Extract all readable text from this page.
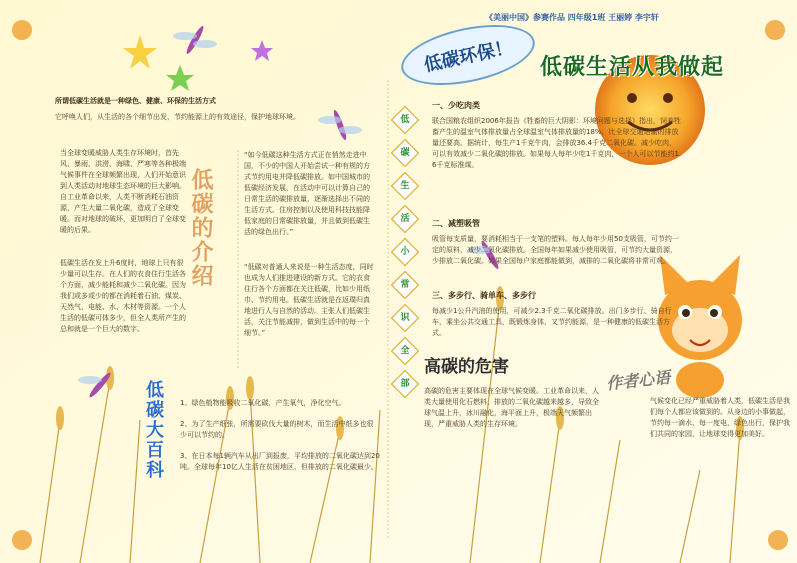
《美丽中国》参赛作品 四年级1班 王丽婷 李宇轩
低碳环保！ 低碳生活从我做起
所谓低碳生活就是一种绿色、健康、环保的生活方式
它呼唤人们，从生活的各个细节出发，节约能源上的有效途径，保护地球环境。
当全球变暖威胁人类生存环境时，首先风、暴雨、洪涝、海啸、严寒等各种极端气候事件在全球频繁出现，人们开始意识到人类活动对地球生态环境的巨大影响。自工业革命以来，人类不断消耗石油资源，产生大量二氧化碳，造成了全球变暖。而对地球的破坏，更加明白了全球变暖的后果。
低碳生活在发上升6度时，地球上只有很少量可以生存。在人们的衣食住行生活各个方面，减少能耗和减少二氧化碳。因为我们或多或少的都在消耗着石油、煤炭、天然气、电能、水、木材等资源。一个人生活的低碳可体多少，但全人类所产生的总和就是一个巨大的数字。
低碳的介绍
“如今低碳这种生活方式正在悄然走进中国，不少的中国人开始尝试一种有规的方式节约用电并降低碳排放。如中国城市的低碳经济发展，在活动中可以计算自己的日常生活的碳排放量，逐渐选择出不同的生活方式。住房控制以及使用科技技能降低家庭的日常碳排放量，并且做到低碳生活的绿色出行。”
“低碳对普通人来说是一种生活态度，同时也成为人们推进建设的新方式。它的衣食住行各个方面都在关注低碳，比如少用纸巾、节约用电。低碳生活就是在返璞归真地进行人与自然的活动。主张人们低碳生活，关注节能减排，做到生活中的每一个细节。”
低碳大百科 1、绿色植物能吸收二氧化碳，产生氧气，净化空气。
2、为了生产纸张，所需要砍伐大量的树木，而生活中纸多也很少可以节约的。
3、在日本每1辆汽车从出厂到报废，平均排放的二氧化碳达到20吨。全球每年10亿人生活在贫困地区，但排放的二氧化碳最少。
低
碳
生
活
小
常
识
全
部
一、少吃肉类
联合国粮农组织2006年报告《牲畜的巨大阴影：环境问题与选择》指出，饲养牲畜产生的温室气体排放量占全球温室气体排放量的18%，比全球交通运输的排放量还要高。据统计，每生产1千克牛肉，会排放36.4千克二氧化碳。减少吃肉，可以有效减少二氧化碳的排放。如果每人每年少吃1千克肉，一个人可以节能约1.6千克标准煤。
二、减塑吸管
吸管每支质量，要消耗相当于一支笔的塑料。每人每年少用50支吸管，可节约一定的原料，减少二氧化碳排放。全国每年如果减少使用吸管，可节约大量资源，少排放二氧化碳。如果全国每户家庭都能做到，减排的二氧化碳将非常可观。
三、多步行、骑单车、多步行
每减少1公升汽油的使用，可减少2.3千克二氧化碳排放。出门多步行、骑自行车，乘坐公共交通工具，既锻炼身体，又节约能源，是一种健康的低碳生活方式。
高碳的危害
高碳的危害主要体现在全球气候变暖。工业革命以来，人类大量使用化石燃料，排放的二氧化碳越来越多，导致全球气温上升，冰川融化，海平面上升，极端天气频繁出现，严重威胁人类的生存环境。
作者心语
气候变化已经严重威胁着人类，低碳生活是我们每个人都应该做到的。从身边的小事做起，节约每一滴水、每一度电，绿色出行，保护我们共同的家园，让地球变得更加美好。
